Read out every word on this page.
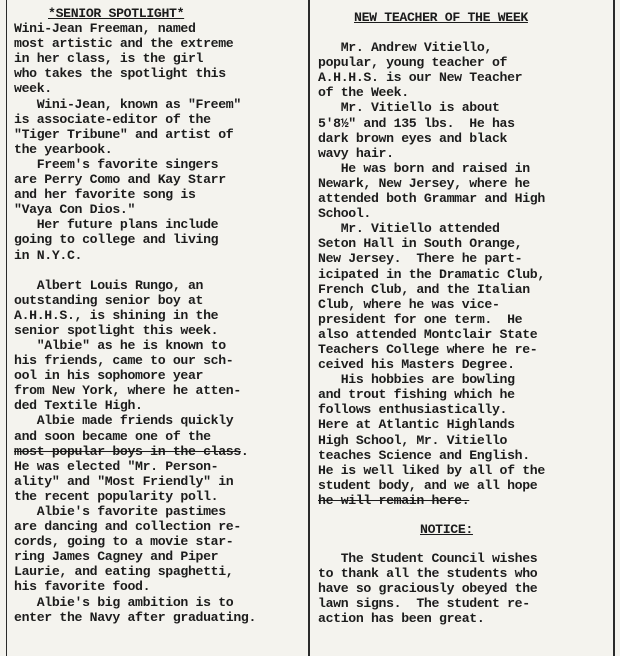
*SENIOR SPOTLIGHT*
Wini-Jean Freeman, named
most artistic and the extreme
in her class, is the girl
who takes the spotlight this
week.
Wini-Jean, known as "Freem"
is associate-editor of the
"Tiger Tribune" and artist of
the yearbook.
Freem's favorite singers
are Perry Como and Kay Starr
and her favorite song is
"Vaya Con Dios."
Her future plans include
going to college and living
in N.Y.C.
Albert Louis Rungo, an
outstanding senior boy at
A.H.H.S., is shining in the
senior spotlight this week.
"Albie" as he is known to
his friends, came to our sch-
ool in his sophomore year
from New York, where he atten-
ded Textile High.
Albie made friends quickly
and soon became one of the
most popular boys in the class.
He was elected "Mr. Person-
ality" and "Most Friendly" in
the recent popularity poll.
Albie's favorite pastimes
are dancing and collection re-
cords, going to a movie star-
ring James Cagney and Piper
Laurie, and eating spaghetti,
his favorite food.
Albie's big ambition is to
enter the Navy after graduating.
NEW TEACHER OF THE WEEK
Mr. Andrew Vitiello,
popular, young teacher of
A.H.H.S. is our New Teacher
of the Week.
Mr. Vitiello is about
5'8½" and 135 lbs.  He has
dark brown eyes and black
wavy hair.
He was born and raised in
Newark, New Jersey, where he
attended both Grammar and High
School.
Mr. Vitiello attended
Seton Hall in South Orange,
New Jersey.  There he part-
icipated in the Dramatic Club,
French Club, and the Italian
Club, where he was vice-
president for one term.  He
also attended Montclair State
Teachers College where he re-
ceived his Masters Degree.
His hobbies are bowling
and trout fishing which he
follows enthusiastically.
Here at Atlantic Highlands
High School, Mr. Vitiello
teaches Science and English.
He is well liked by all of the
student body, and we all hope
he will remain here.
NOTICE:
The Student Council wishes
to thank all the students who
have so graciously obeyed the
lawn signs.  The student re-
action has been great.
